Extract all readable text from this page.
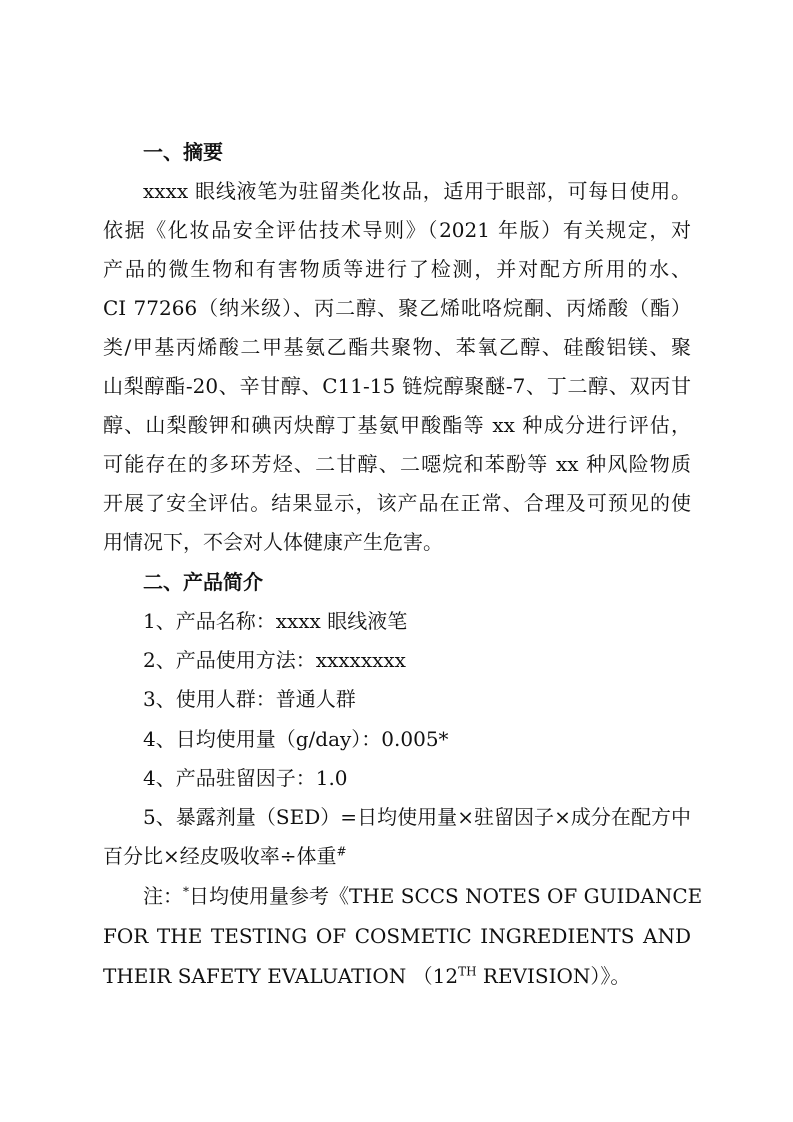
一、摘要
xxxx 眼线液笔为驻留类化妆品，适用于眼部，可每日使用。
依据《化妆品安全评估技术导则》（2021 年版）有关规定，对
产品的微生物和有害物质等进行了检测，并对配方所用的水、
CI 77266（纳米级）、丙二醇、聚乙烯吡咯烷酮、丙烯酸（酯）
类/甲基丙烯酸二甲基氨乙酯共聚物、苯氧乙醇、硅酸铝镁、聚
山梨醇酯-20、辛甘醇、C11-15 链烷醇聚醚-7、丁二醇、双丙甘
醇、山梨酸钾和碘丙炔醇丁基氨甲酸酯等 xx 种成分进行评估，
可能存在的多环芳烃、二甘醇、二噁烷和苯酚等 xx 种风险物质
开展了安全评估。结果显示，该产品在正常、合理及可预见的使
用情况下，不会对人体健康产生危害。
二、产品简介
1、产品名称：xxxx 眼线液笔
2、产品使用方法：xxxxxxxx
3、使用人群：普通人群
4、日均使用量（g/day）：0.005*
4、产品驻留因子：1.0
5、暴露剂量（SED）=日均使用量×驻留因子×成分在配方中
百分比×经皮吸收率÷体重#
注：*日均使用量参考《THE SCCS NOTES OF GUIDANCE
FOR THE TESTING OF COSMETIC INGREDIENTS AND
THEIR SAFETY EVALUATION （12TH REVISION）》。
